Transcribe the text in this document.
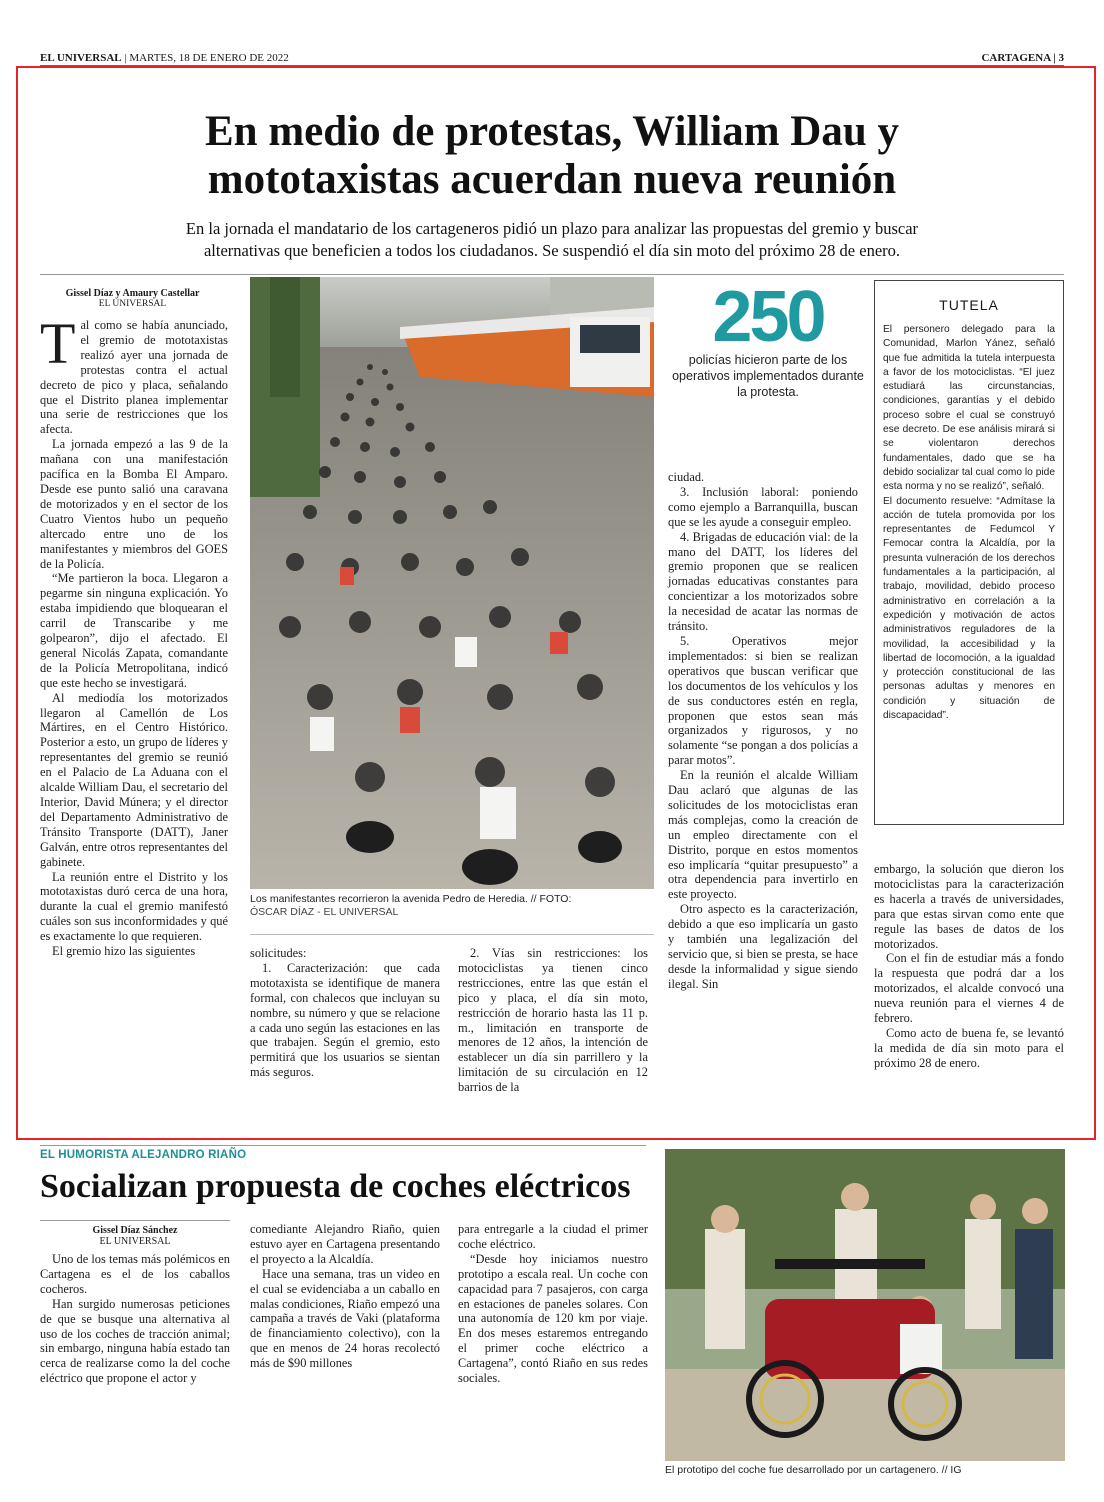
EL UNIVERSAL | MARTES, 18 DE ENERO DE 2022	CARTAGENA | 3
En medio de protestas, William Dau y
mototaxistas acuerdan nueva reunión
En la jornada el mandatario de los cartageneros pidió un plazo para analizar las propuestas del gremio y buscar
alternativas que beneficien a todos los ciudadanos. Se suspendió el día sin moto del próximo 28 de enero.
Gissel Díaz y Amaury Castellar
EL UNIVERSAL

Tal como se había anunciado, el gremio de mototaxistas realizó ayer una jornada de protestas contra el actual decreto de pico y placa, señalando que el Distrito planea implementar una serie de restricciones que los afecta.

La jornada empezó a las 9 de la mañana con una manifestación pacífica en la Bomba El Amparo. Desde ese punto salió una caravana de motorizados y en el sector de los Cuatro Vientos hubo un pequeño altercado entre uno de los manifestantes y miembros del GOES de la Policía.

“Me partieron la boca. Llegaron a pegarme sin ninguna explicación. Yo estaba impidiendo que bloquearan el carril de Transcaribe y me golpearon”, dijo el afectado. El general Nicolás Zapata, comandante de la Policía Metropolitana, indicó que este hecho se investigará.

Al mediodía los motorizados llegaron al Camellón de Los Mártires, en el Centro Histórico. Posterior a esto, un grupo de líderes y representantes del gremio se reunió en el Palacio de La Aduana con el alcalde William Dau, el secretario del Interior, David Múnera; y el director del Departamento Administrativo de Tránsito Transporte (DATT), Janer Galván, entre otros representantes del gabinete.

La reunión entre el Distrito y los mototaxistas duró cerca de una hora, durante la cual el gremio manifestó cuáles son sus inconformidades y qué es exactamente lo que requieren.

El gremio hizo las siguientes

Los manifestantes recorrieron la avenida Pedro de Heredia. // FOTO:
ÓSCAR DÍAZ - EL UNIVERSAL

solicitudes:

1. Caracterización: que cada mototaxista se identifique de manera formal, con chalecos que incluyan su nombre, su número y que se relacione a cada uno según las estaciones en las que trabajen. Según el gremio, esto permitirá que los usuarios se sientan más seguros.

2. Vías sin restricciones: los motociclistas ya tienen cinco restricciones, entre las que están el pico y placa, el día sin moto, restricción de horario hasta las 11 p. m., limitación en transporte de menores de 12 años, la intención de establecer un día sin parrillero y la limitación de su circulación en 12 barrios de la

250
policías hicieron parte de los operativos implementados durante la protesta.

ciudad.

3. Inclusión laboral: poniendo como ejemplo a Barranquilla, buscan que se les ayude a conseguir empleo.

4. Brigadas de educación vial: de la mano del DATT, los líderes del gremio proponen que se realicen jornadas educativas constantes para concientizar a los motorizados sobre la necesidad de acatar las normas de tránsito.

5. Operativos mejor implementados: si bien se realizan operativos que buscan verificar que los documentos de los vehículos y los de sus conductores estén en regla, proponen que estos sean más organizados y rigurosos, y no solamente “se pongan a dos policías a parar motos”.

En la reunión el alcalde William Dau aclaró que algunas de las solicitudes de los motociclistas eran más complejas, como la creación de un empleo directamente con el Distrito, porque en estos momentos eso implicaría “quitar presupuesto” a otra dependencia para invertirlo en este proyecto.

Otro aspecto es la caracterización, debido a que eso implicaría un gasto y también una legalización del servicio que, si bien se presta, se hace desde la informalidad y sigue siendo ilegal. Sin

TUTELA

El personero delegado para la Comunidad, Marlon Yánez, señaló que fue admitida la tutela interpuesta a favor de los motociclistas. “El juez estudiará las circunstancias, condiciones, garantías y el debido proceso sobre el cual se construyó ese decreto. De ese análisis mirará si se violentaron derechos fundamentales, dado que se ha debido socializar tal cual como lo pide esta norma y no se realizó”, señaló.

El documento resuelve: “Admítase la acción de tutela promovida por los representantes de Fedumcol Y Femocar contra la Alcaldía, por la presunta vulneración de los derechos fundamentales a la participación, al trabajo, movilidad, debido proceso administrativo en correlación a la expedición y motivación de actos administrativos reguladores de la movilidad, la accesibilidad y la libertad de locomoción, a la igualdad y protección constitucional de las personas adultas y menores en condición y situación de discapacidad”.

embargo, la solución que dieron los motociclistas para la caracterización es hacerla a través de universidades, para que estas sirvan como ente que regule las bases de datos de los motorizados.

Con el fin de estudiar más a fondo la respuesta que podrá dar a los motorizados, el alcalde convocó una nueva reunión para el viernes 4 de febrero.

Como acto de buena fe, se levantó la medida de día sin moto para el próximo 28 de enero.

EL HUMORISTA ALEJANDRO RIAÑO
Socializan propuesta de coches eléctricos
Gissel Díaz Sánchez
EL UNIVERSAL

Uno de los temas más polémicos en Cartagena es el de los caballos cocheros.

Han surgido numerosas peticiones de que se busque una alternativa al uso de los coches de tracción animal; sin embargo, ninguna había estado tan cerca de realizarse como la del coche eléctrico que propone el actor y

comediante Alejandro Riaño, quien estuvo ayer en Cartagena presentando el proyecto a la Alcaldía.

Hace una semana, tras un video en el cual se evidenciaba a un caballo en malas condiciones, Riaño empezó una campaña a través de Vaki (plataforma de financiamiento colectivo), con la que en menos de 24 horas recolectó más de $90 millones

para entregarle a la ciudad el primer coche eléctrico.

“Desde hoy iniciamos nuestro prototipo a escala real. Un coche con capacidad para 7 pasajeros, con carga en estaciones de paneles solares. Con una autonomía de 120 km por viaje. En dos meses estaremos entregando el primer coche eléctrico a Cartagena”, contó Riaño en sus redes sociales.

El prototipo del coche fue desarrollado por un cartagenero. // IG
